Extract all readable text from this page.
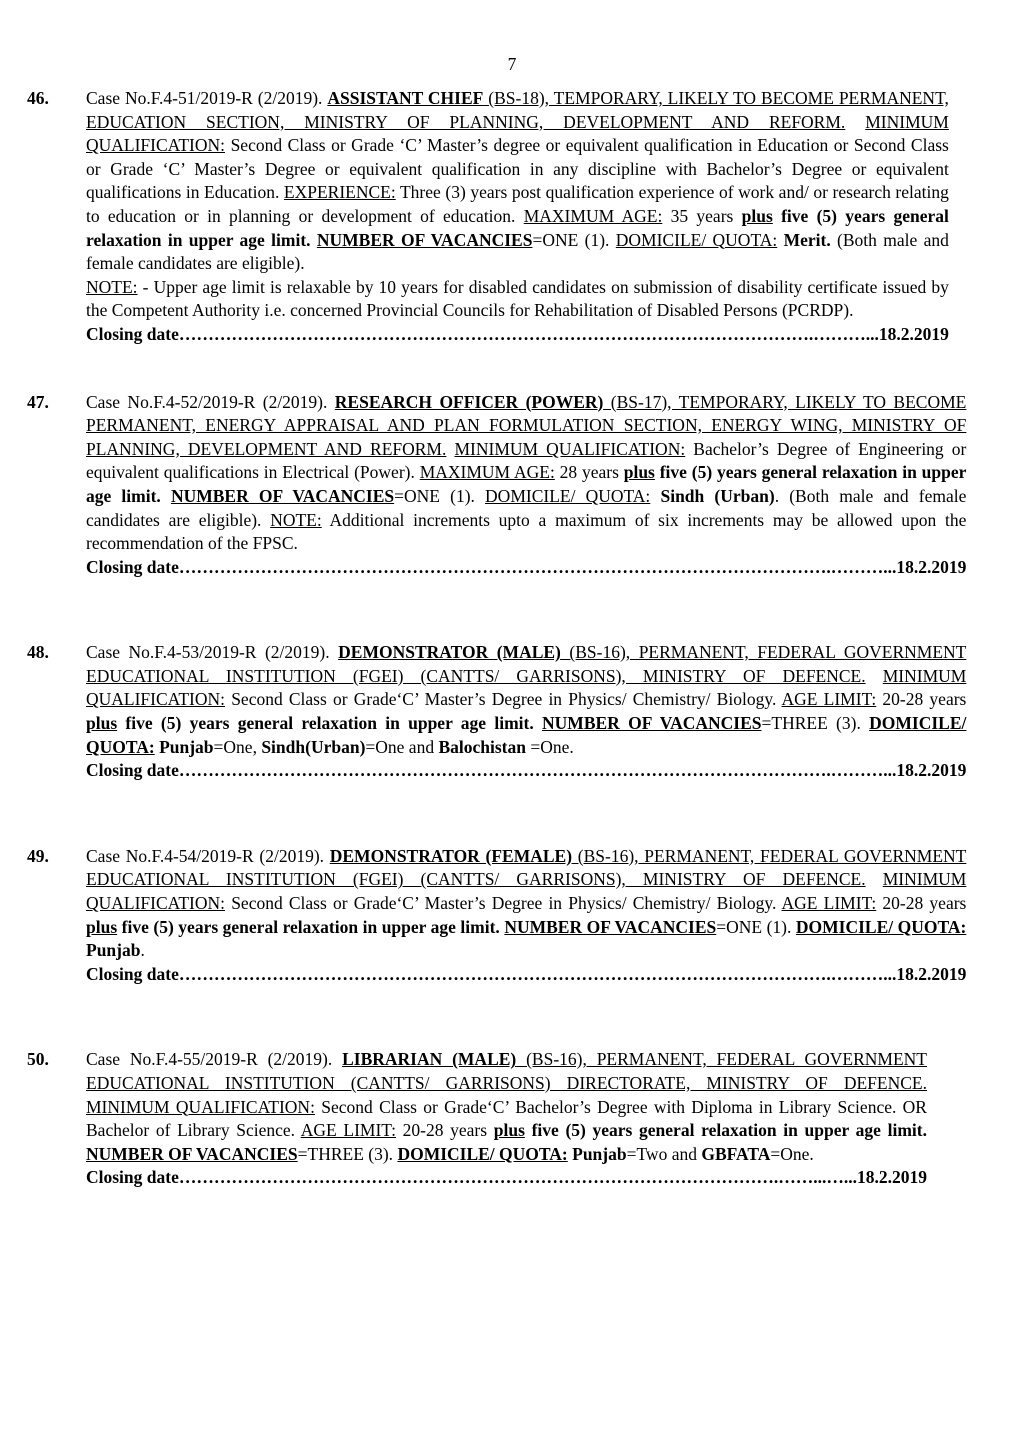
7
46.	Case No.F.4-51/2019-R (2/2019). ASSISTANT CHIEF (BS-18), TEMPORARY, LIKELY TO BECOME PERMANENT, EDUCATION SECTION, MINISTRY OF PLANNING, DEVELOPMENT AND REFORM. MINIMUM QUALIFICATION: Second Class or Grade ‘C’ Master’s degree or equivalent qualification in Education or Second Class or Grade ‘C’ Master’s Degree or equivalent qualification in any discipline with Bachelor’s Degree or equivalent qualifications in Education. EXPERIENCE: Three (3) years post qualification experience of work and/ or research relating to education or in planning or development of education. MAXIMUM AGE: 35 years plus five (5) years general relaxation in upper age limit. NUMBER OF VACANCIES=ONE (1). DOMICILE/ QUOTA: Merit. (Both male and female candidates are eligible).

NOTE: - Upper age limit is relaxable by 10 years for disabled candidates on submission of disability certificate issued by the Competent Authority i.e. concerned Provincial Councils for Rehabilitation of Disabled Persons (PCRDP).

Closing date ……………………………………………………………………………………………….………... 18.2.2019
47.	Case No.F.4-52/2019-R (2/2019). RESEARCH OFFICER (POWER) (BS-17), TEMPORARY, LIKELY TO BECOME PERMANENT, ENERGY APPRAISAL AND PLAN FORMULATION SECTION, ENERGY WING, MINISTRY OF PLANNING, DEVELOPMENT AND REFORM. MINIMUM QUALIFICATION: Bachelor’s Degree of Engineering or equivalent qualifications in Electrical (Power). MAXIMUM AGE: 28 years plus five (5) years general relaxation in upper age limit. NUMBER OF VACANCIES=ONE (1). DOMICILE/ QUOTA: Sindh (Urban). (Both male and female candidates are eligible). NOTE: Additional increments upto a maximum of six increments may be allowed upon the recommendation of the FPSC.

Closing date ………………………………………………………………………………………………….………... 18.2.2019
48.	Case No.F.4-53/2019-R (2/2019). DEMONSTRATOR (MALE) (BS-16), PERMANENT, FEDERAL GOVERNMENT EDUCATIONAL INSTITUTION (FGEI) (CANTTS/ GARRISONS), MINISTRY OF DEFENCE. MINIMUM QUALIFICATION: Second Class or Grade‘C’ Master’s Degree in Physics/ Chemistry/ Biology. AGE LIMIT: 20-28 years plus five (5) years general relaxation in upper age limit. NUMBER OF VACANCIES=THREE (3). DOMICILE/ QUOTA: Punjab=One, Sindh(Urban)=One and Balochistan =One.

Closing date ………………………………………………………………………………………………….………... 18.2.2019
49.	Case No.F.4-54/2019-R (2/2019). DEMONSTRATOR (FEMALE) (BS-16), PERMANENT, FEDERAL GOVERNMENT EDUCATIONAL INSTITUTION (FGEI) (CANTTS/ GARRISONS), MINISTRY OF DEFENCE. MINIMUM QUALIFICATION: Second Class or Grade‘C’ Master’s Degree in Physics/ Chemistry/ Biology. AGE LIMIT: 20-28 years plus five (5) years general relaxation in upper age limit. NUMBER OF VACANCIES=ONE (1). DOMICILE/ QUOTA: Punjab.

Closing date ………………………………………………………………………………………………….………... 18.2.2019
50.	Case No.F.4-55/2019-R (2/2019). LIBRARIAN (MALE) (BS-16), PERMANENT, FEDERAL GOVERNMENT EDUCATIONAL INSTITUTION (CANTTS/ GARRISONS) DIRECTORATE, MINISTRY OF DEFENCE. MINIMUM QUALIFICATION: Second Class or Grade‘C’ Bachelor’s Degree with Diploma in Library Science. OR Bachelor of Library Science. AGE LIMIT: 20-28 years plus five (5) years general relaxation in upper age limit. NUMBER OF VACANCIES=THREE (3). DOMICILE/ QUOTA: Punjab=Two and GBFATA=One.

Closing date ………………………………………………………………………………………….……...…... 18.2.2019
